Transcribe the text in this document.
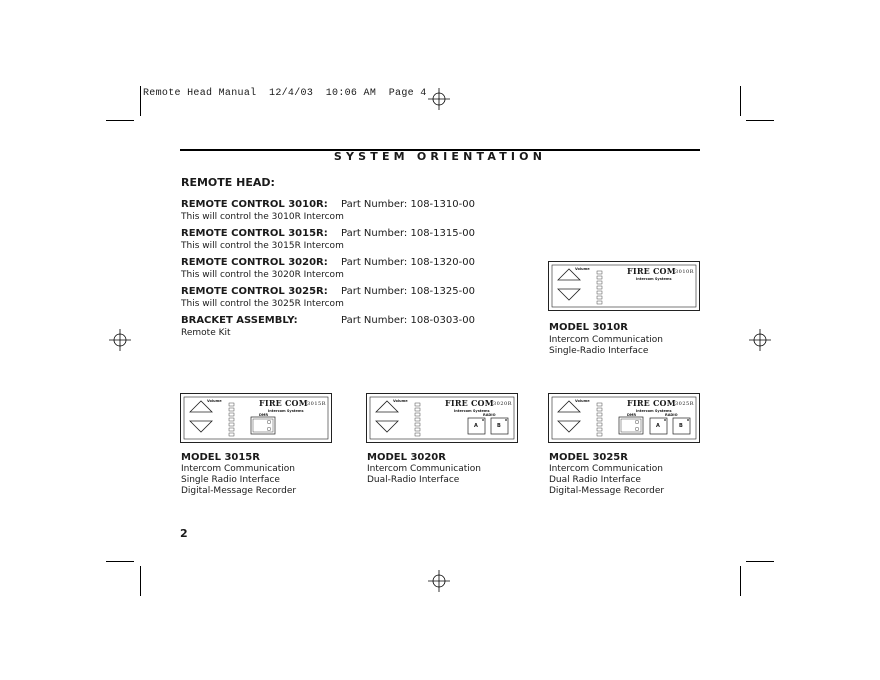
Remote Head Manual  12/4/03  10:06 AM  Page 4
SYSTEM ORIENTATION
REMOTE HEAD:
REMOTE CONTROL 3010R:
This will control the 3010R Intercom
Part Number: 108-1310-00
REMOTE CONTROL 3015R:
This will control the 3015R Intercom
Part Number: 108-1315-00
REMOTE CONTROL 3020R:
This will control the 3020R Intercom
Part Number: 108-1320-00
REMOTE CONTROL 3025R:
This will control the 3025R Intercom
Part Number: 108-1325-00
BRACKET ASSEMBLY:
Remote Kit
Part Number: 108-0303-00
Volume	FIRE COM
Intercom Systems
3010R
MODEL 3010R
Intercom Communication
Single-Radio Interface
Volume	FIRE COM
Intercom Systems
3015R
DMR
MODEL 3015R
Intercom Communication
Single Radio Interface
Digital-Message Recorder
Volume	FIRE COM
Intercom Systems
3020R
RADIO
A	B
MODEL 3020R
Intercom Communication
Dual-Radio Interface
Volume	FIRE COM
Intercom Systems
3025R
DMR	RADIO
A	B
MODEL 3025R
Intercom Communication
Dual Radio Interface
Digital-Message Recorder
2
